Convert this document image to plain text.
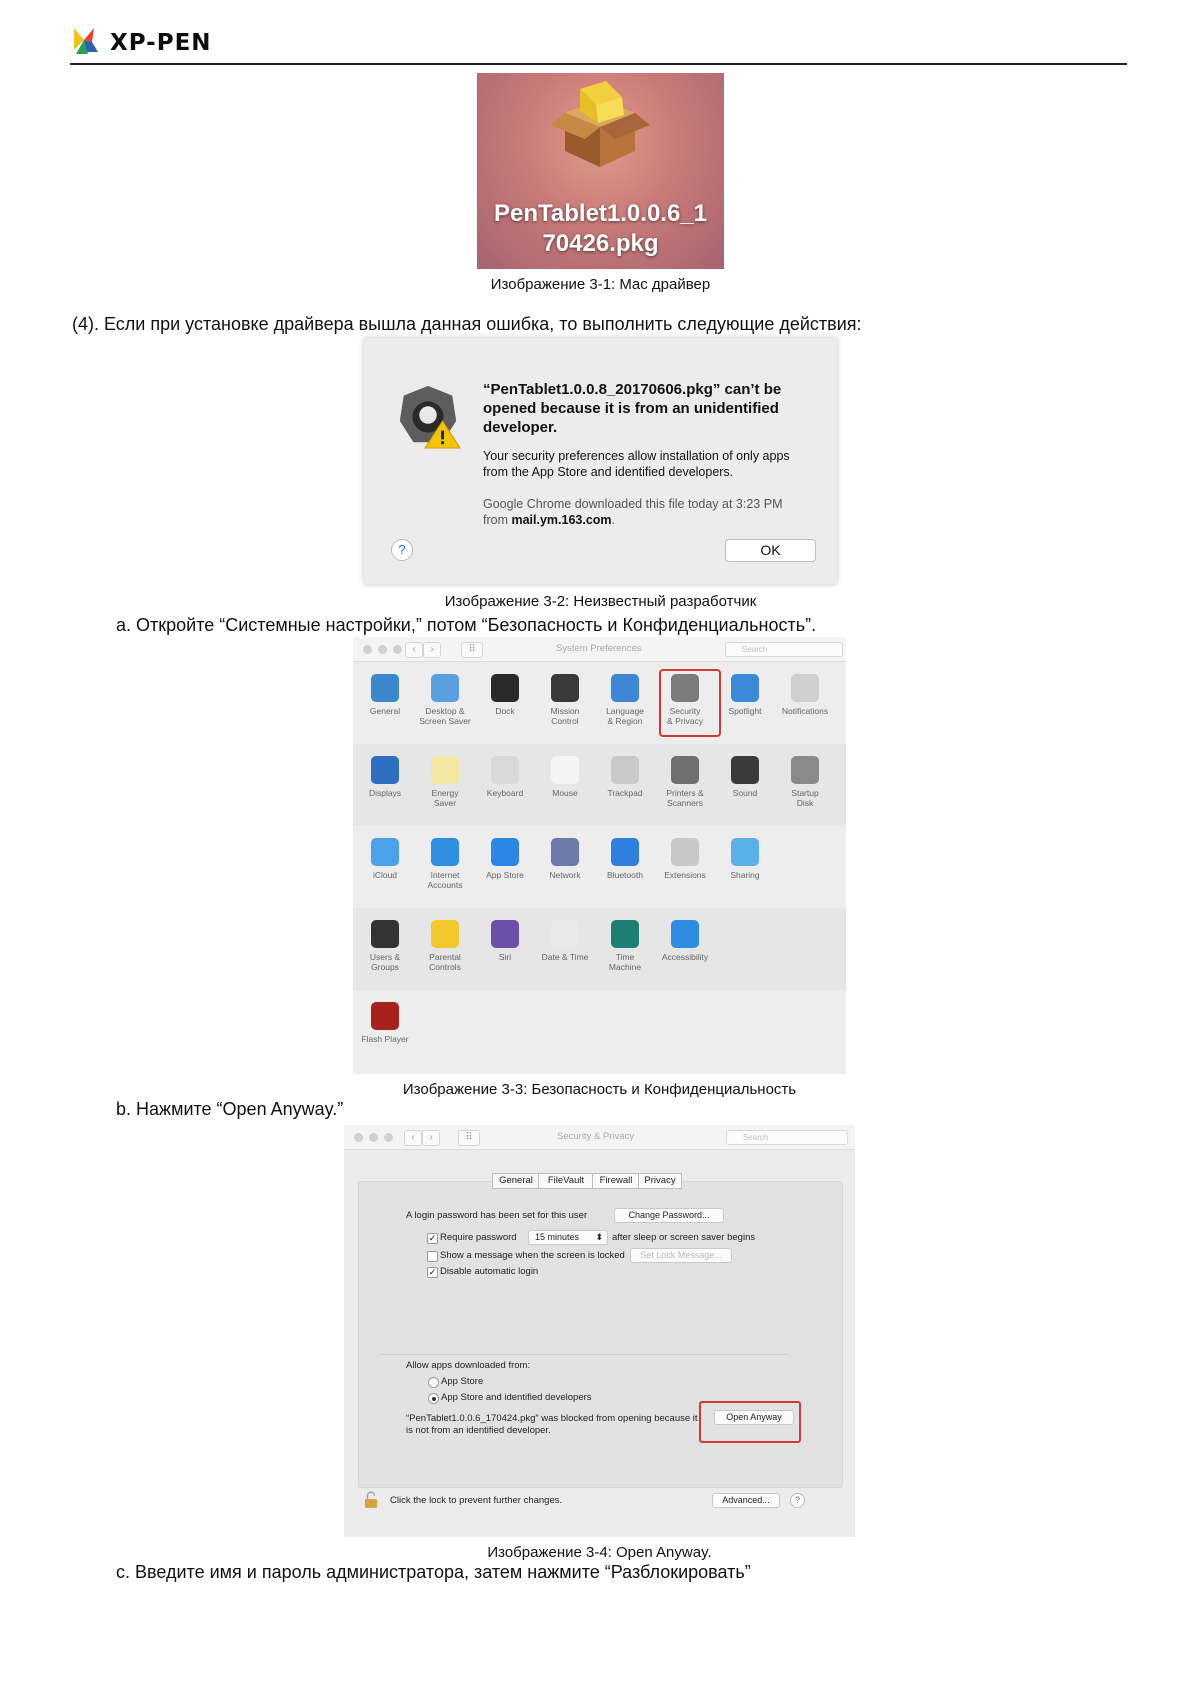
XP-PEN
PenTablet1.0.0.6_1
70426.pkg
Изображение 3-1: Mac драйвер
(4). Если при установке драйвера вышла данная ошибка, то выполнить следующие действия:
“PenTablet1.0.0.8_20170606.pkg” can’t be opened because it is from an unidentified developer.
Your security preferences allow installation of only apps from the App Store and identified developers.
Google Chrome downloaded this file today at 3:23 PM from mail.ym.163.com.
?	OK
Изображение 3-2: Неизвестный разработчик
a. Откройте “Системные настройки,” потом “Безопасность и Конфиденциальность”.
‹	›	⠿	System Preferences	Search
General	Desktop &
Screen Saver
Dock	Mission
Control
Language
& Region
Security
& Privacy
Spotlight	Notifications
Displays	Energy
Saver
Keyboard	Mouse	Trackpad	Printers &
Scanners
Sound	Startup
Disk
iCloud	Internet
Accounts
App Store	Network	Bluetooth	Extensions	Sharing
Users &
Groups
Parental
Controls
Siri	Date & Time	Time
Machine
Accessibility
Flash Player
Изображение 3-3: Безопасность и Конфиденциальность
b. Нажмите “Open Anyway.”
‹	›	⠿	Security & Privacy	Search
General	FileVault	Firewall	Privacy
A login password has been set for this user	Change Password...
✓ Require password	15 minutes ⬍ after sleep or screen saver begins
Show a message when the screen is locked	Set Lock Message...
✓ Disable automatic login
Allow apps downloaded from:
App Store
App Store and identified developers
“PenTablet1.0.0.6_170424.pkg” was blocked from opening because it
is not from an identified developer.
Open Anyway
Click the lock to prevent further changes.	Advanced...	?
Изображение 3-4: Open Anyway.
c. Введите имя и пароль администратора, затем нажмите “Разблокировать”
